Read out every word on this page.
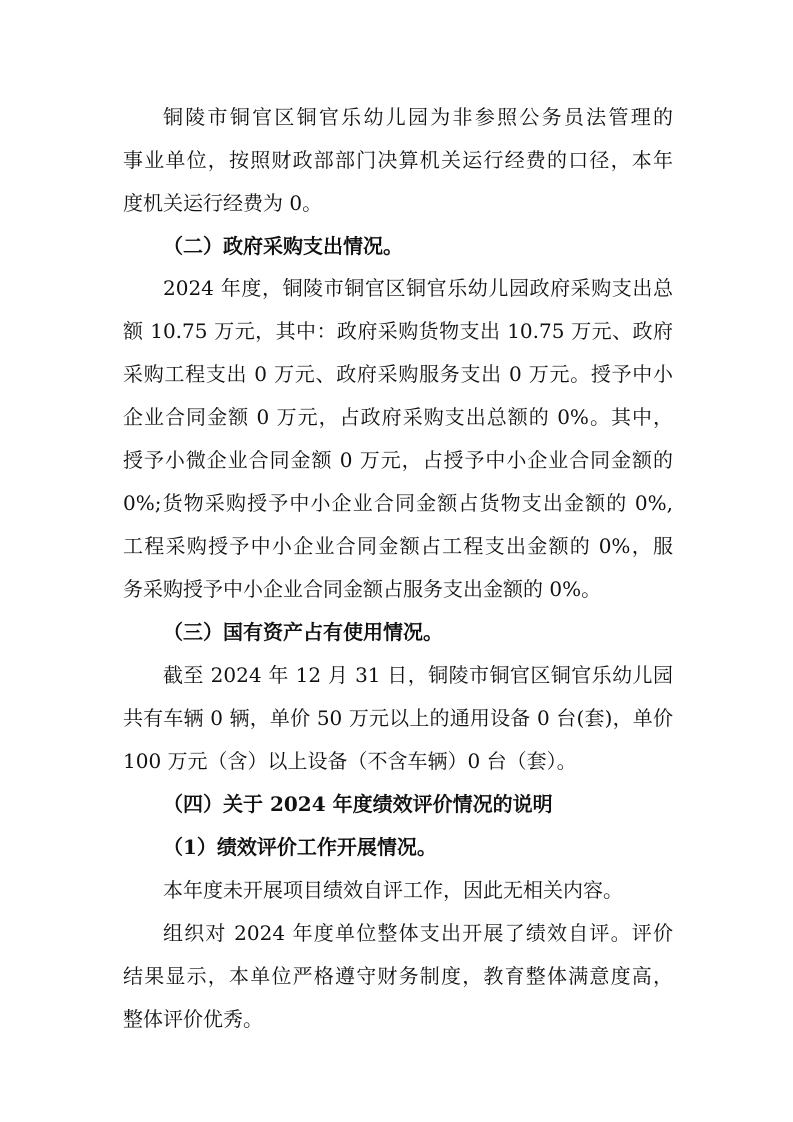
铜陵市铜官区铜官乐幼儿园为非参照公务员法管理的
事业单位，按照财政部部门决算机关运行经费的口径，本年
度机关运行经费为 0。
（二）政府采购支出情况。
2024 年度，铜陵市铜官区铜官乐幼儿园政府采购支出总
额 10.75 万元，其中：政府采购货物支出 10.75 万元、政府
采购工程支出 0 万元、政府采购服务支出 0 万元。授予中小
企业合同金额 0 万元，占政府采购支出总额的 0%。其中，
授予小微企业合同金额 0 万元，占授予中小企业合同金额的
0%;货物采购授予中小企业合同金额占货物支出金额的 0%,
工程采购授予中小企业合同金额占工程支出金额的 0%，服
务采购授予中小企业合同金额占服务支出金额的 0%。
（三）国有资产占有使用情况。
截至 2024 年 12 月 31 日，铜陵市铜官区铜官乐幼儿园
共有车辆 0 辆，单价 50 万元以上的通用设备 0 台(套)，单价
100 万元（含）以上设备（不含车辆）0 台（套）。
（四）关于 2024 年度绩效评价情况的说明
（1）绩效评价工作开展情况。
本年度未开展项目绩效自评工作，因此无相关内容。
组织对 2024 年度单位整体支出开展了绩效自评。评价
结果显示，本单位严格遵守财务制度，教育整体满意度高，
整体评价优秀。
